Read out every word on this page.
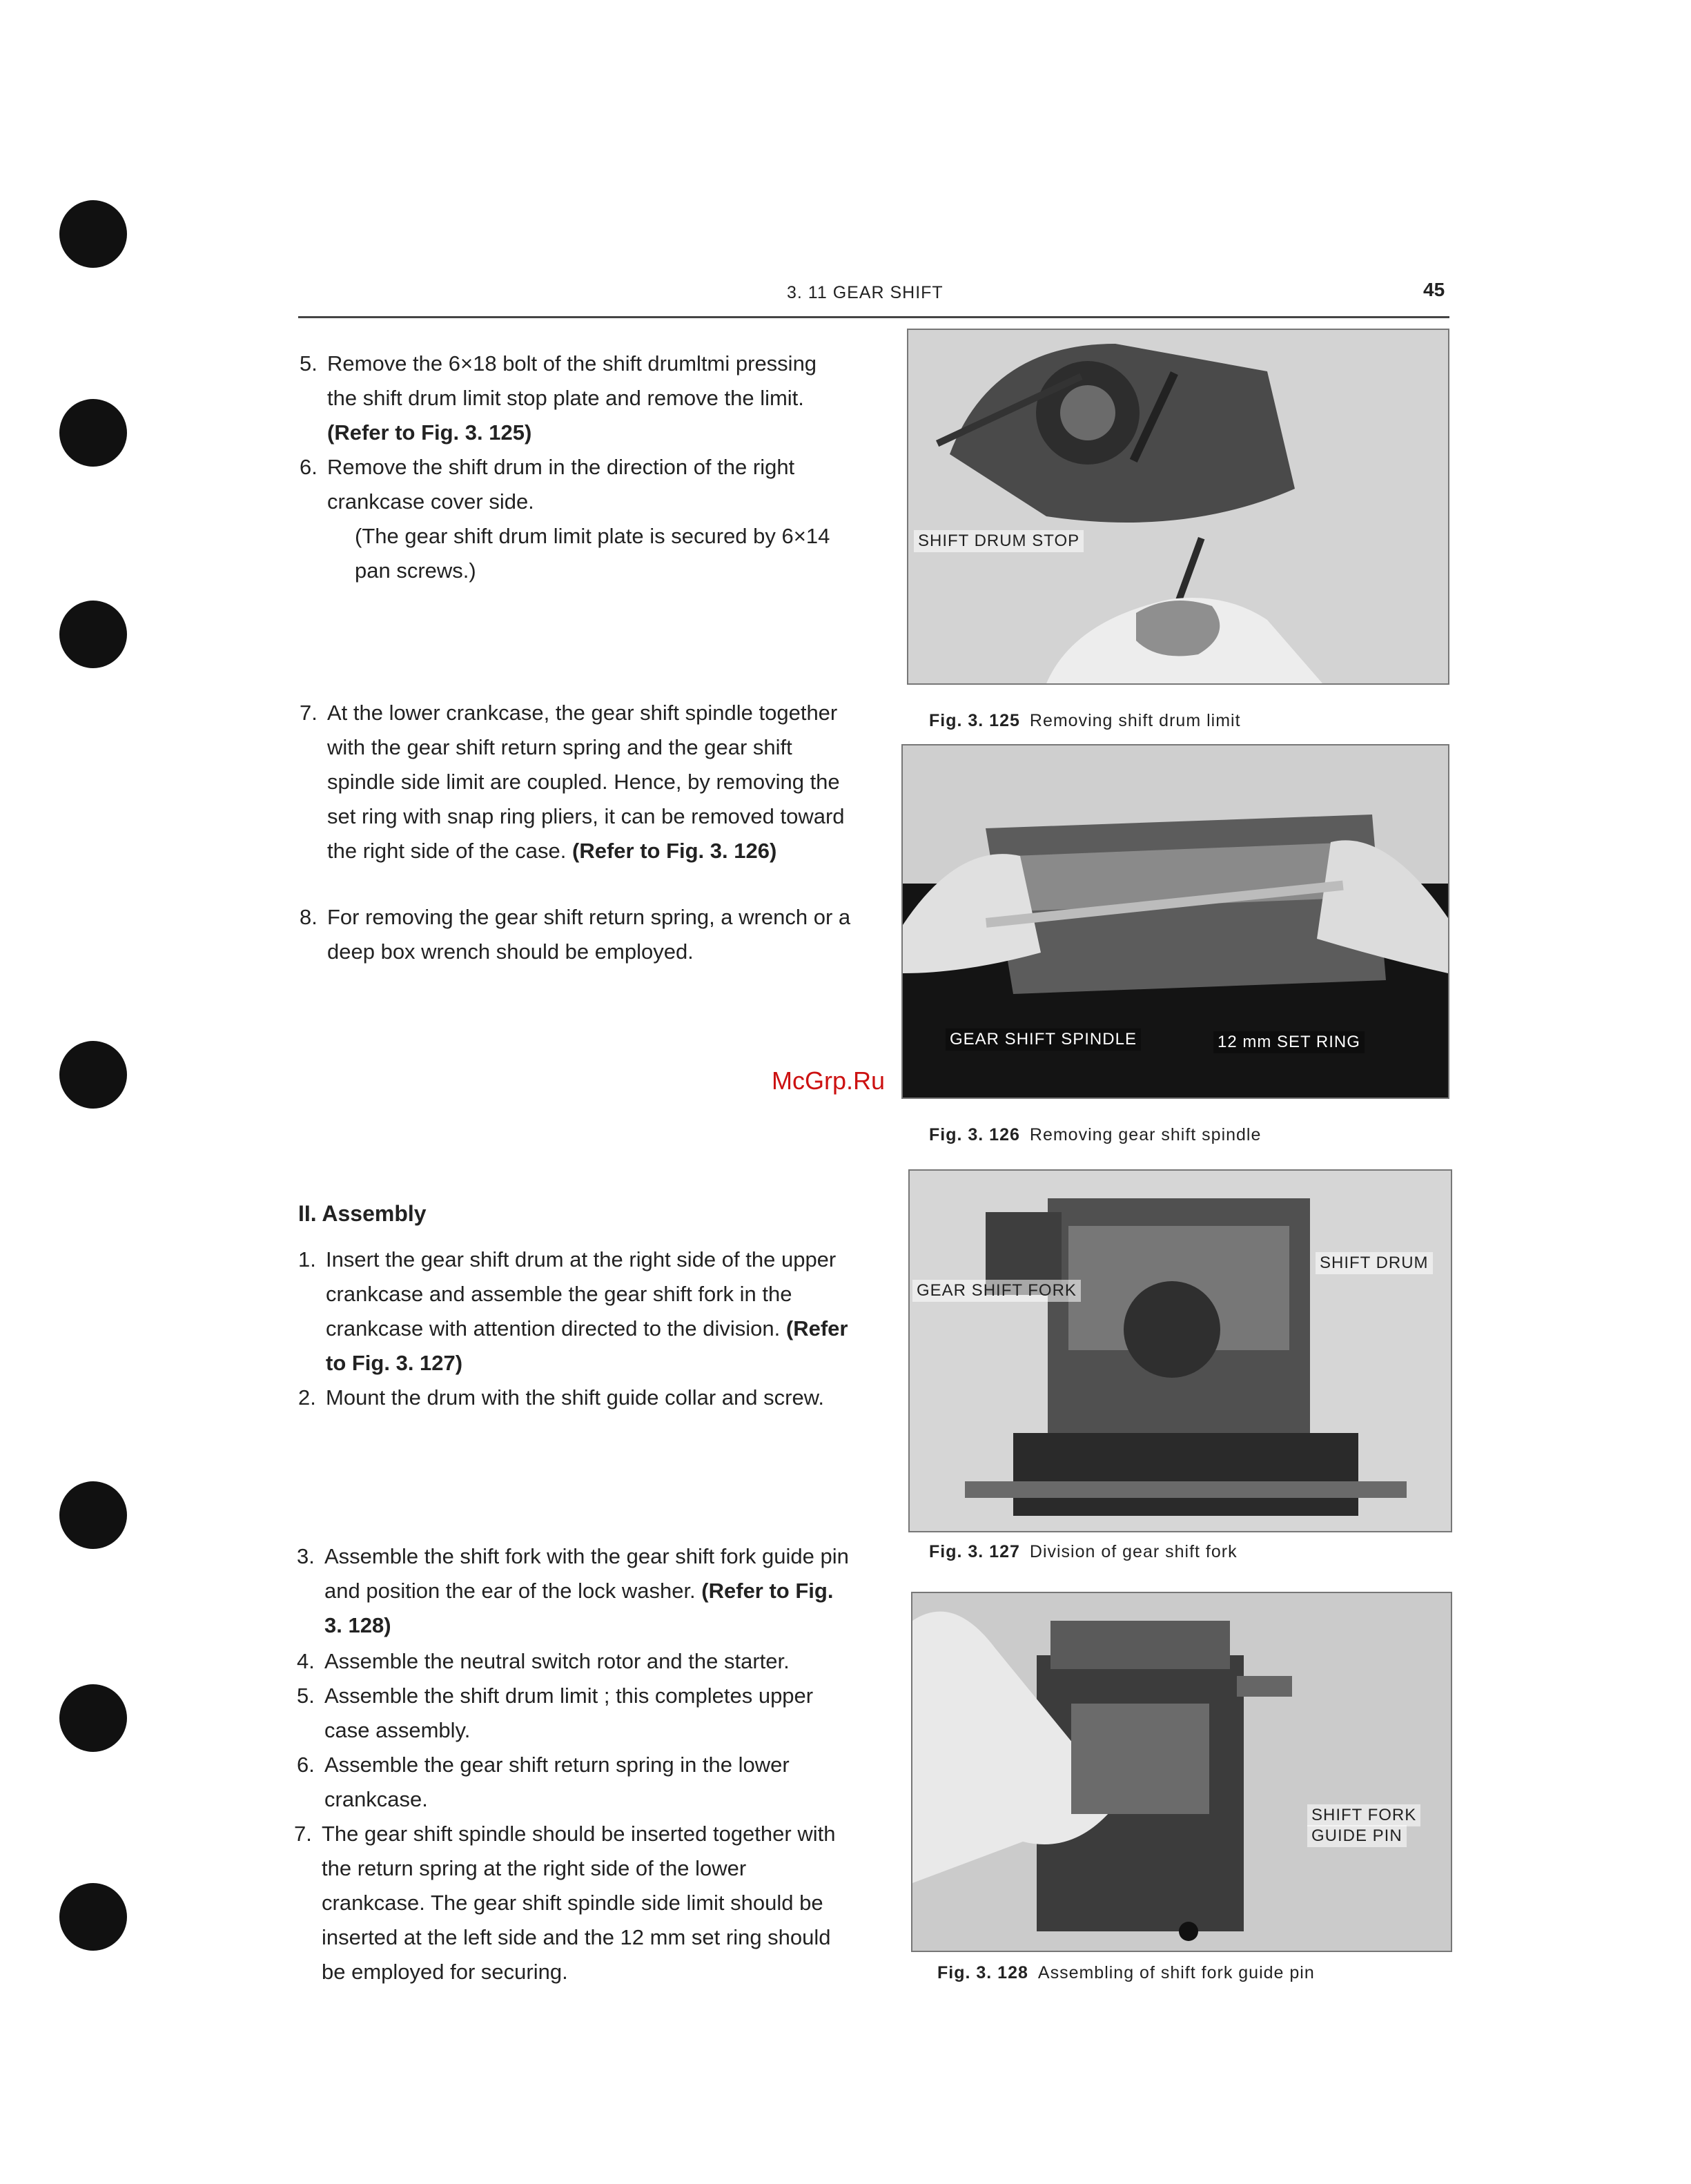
3. 11 GEAR SHIFT	45

5. Remove the 6×18 bolt of the shift drumltmi pressing the shift drum limit stop plate and remove the limit. (Refer to Fig. 3. 125)

6. Remove the shift drum in the direction of the right crankcase cover side.
(The gear shift drum limit plate is secured by 6×14 pan screws.)

7. At the lower crankcase, the gear shift spindle together with the gear shift return spring and the gear shift spindle side limit are coupled. Hence, by removing the set ring with snap ring pliers, it can be removed toward the right side of the case. (Refer to Fig. 3. 126)

8. For removing the gear shift return spring, a wrench or a deep box wrench should be employed.

II. Assembly

1. Insert the gear shift drum at the right side of the upper crankcase and assemble the gear shift fork in the crankcase with attention directed to the division. (Refer to Fig. 3. 127)

2. Mount the drum with the shift guide collar and screw.

3. Assemble the shift fork with the gear shift fork guide pin and position the ear of the lock washer. (Refer to Fig. 3. 128)

4. Assemble the neutral switch rotor and the starter.

5. Assemble the shift drum limit ; this completes upper case assembly.

6. Assemble the gear shift return spring in the lower crankcase.

7. The gear shift spindle should be inserted together with the return spring at the right side of the lower crankcase. The gear shift spindle side limit should be inserted at the left side and the 12 mm set ring should be employed for securing.

SHIFT DRUM STOP
Fig. 3. 125 Removing shift drum limit
GEAR SHIFT SPINDLE	12 mm SET RING
Fig. 3. 126 Removing gear shift spindle
SHIFT DRUM
GEAR SHIFT FORK
Fig. 3. 127 Division of gear shift fork
SHIFT FORK
GUIDE PIN
Fig. 3. 128 Assembling of shift fork guide pin
McGrp.Ru
